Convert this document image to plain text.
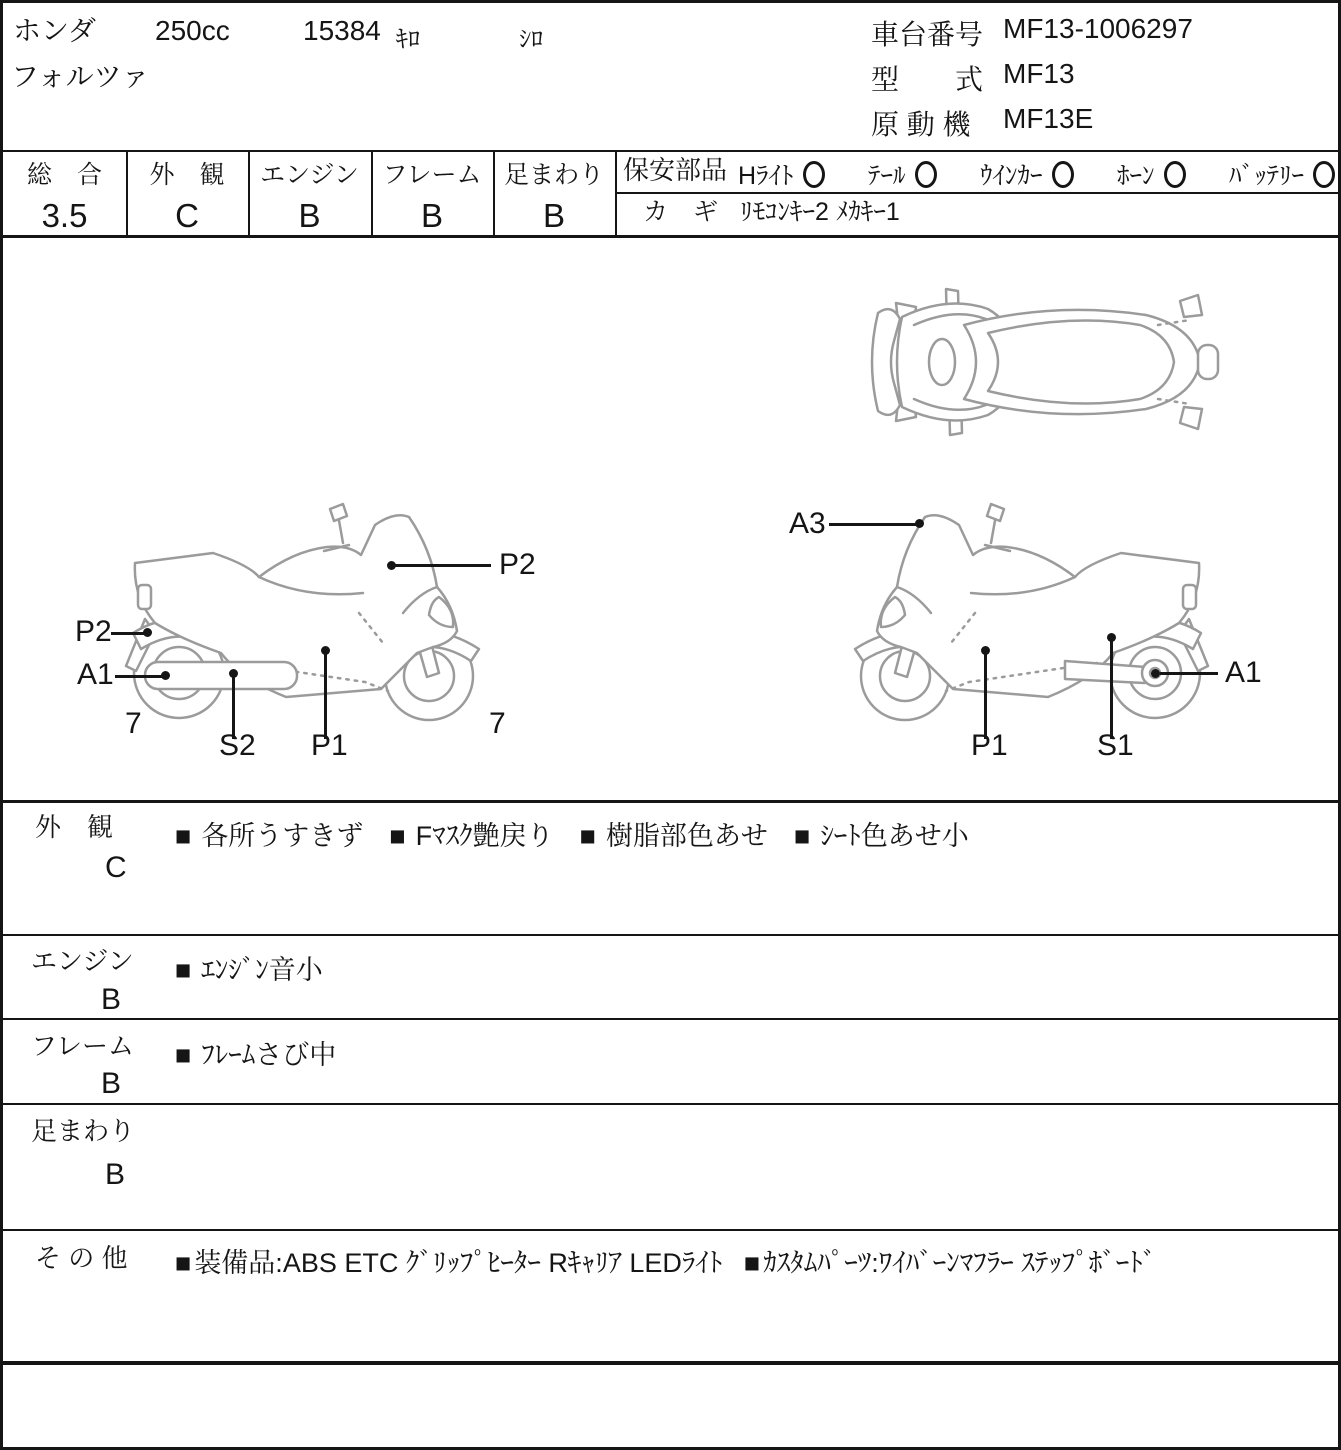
ホンダ
フォルツァ
250cc	15384 ｷﾛ	ｼﾛ	車台番号 MF13-1006297
型　　式 MF13
原 動 機 MF13E
総　合
3.5
外　観
C
エンジン
B
フレーム
B
足まわり
B
保安部品 Hﾗｲﾄ	ﾃｰﾙ	ｳｲﾝｶｰ	ﾎｰﾝ	ﾊﾞｯﾃﾘｰ
カ　ギ ﾘﾓｺﾝｷｰ2 ﾒｶｷｰ1
P2
P2
A1
7
S2 P1
7
A3
A1
P1	S1
外　観
C
■ 各所うすきず ■ Fﾏｽｸ艶戻り ■ 樹脂部色あせ ■ ｼｰﾄ色あせ小
エンジン
B
■ ｴﾝｼﾞﾝ音小
フレーム
B
■ ﾌﾚｰﾑさび中
足まわり
B
そ の 他 ■ 装備品:ABS ETC ｸﾞﾘｯﾌﾟﾋｰﾀｰ Rｷｬﾘｱ LEDﾗｲﾄ ■ ｶｽﾀﾑﾊﾟｰﾂ:ﾜｲﾊﾞｰﾝﾏﾌﾗｰ ｽﾃｯﾌﾟﾎﾞｰﾄﾞ
